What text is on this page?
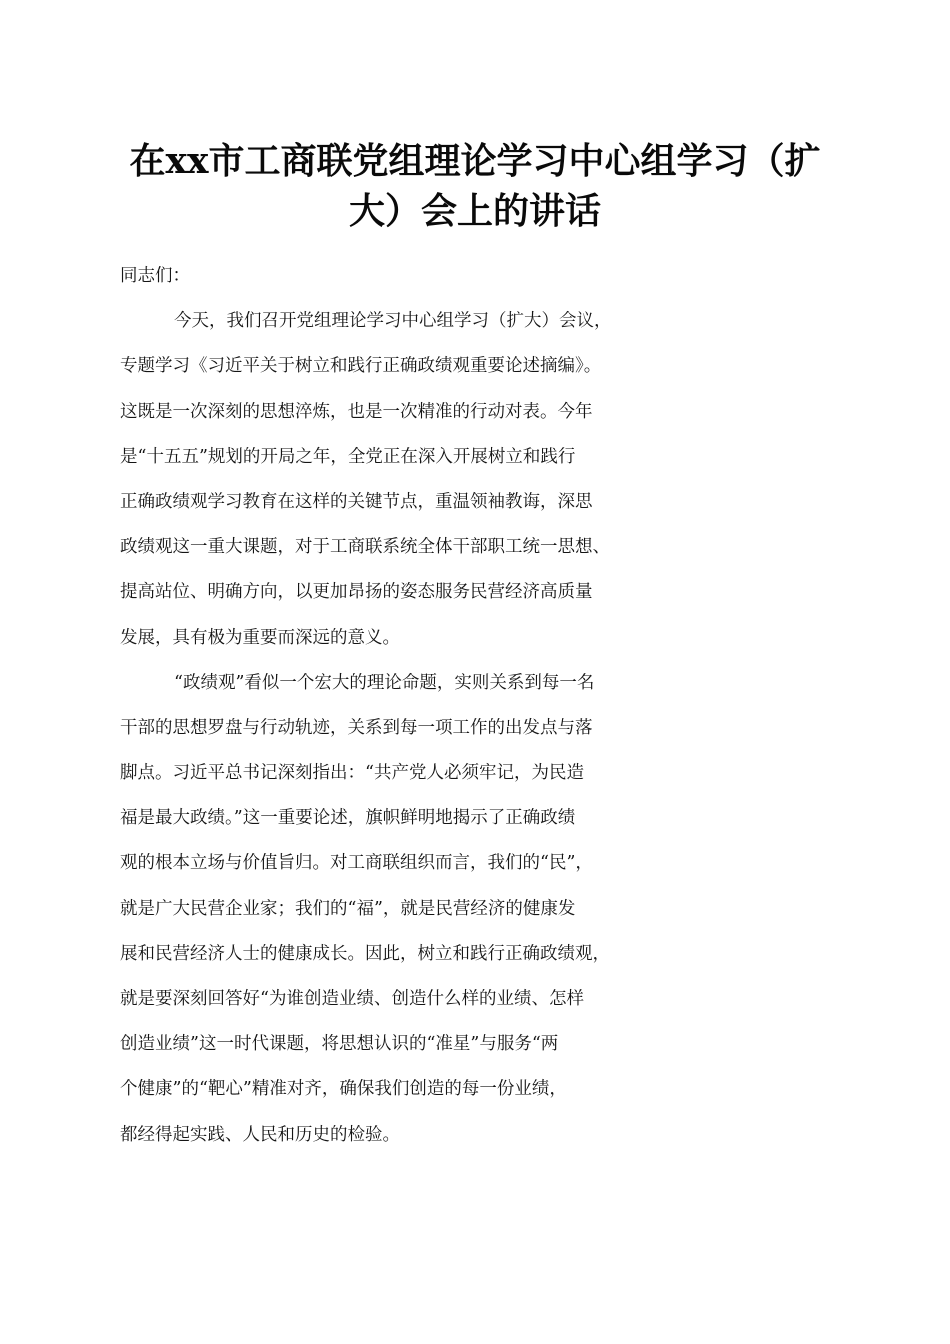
在xx市工商联党组理论学习中心组学习（扩
大）会上的讲话
同志们：
今天，我们召开党组理论学习中心组学习（扩大）会议，
专题学习《习近平关于树立和践行正确政绩观重要论述摘编》。
这既是一次深刻的思想淬炼，也是一次精准的行动对表。今年
是“十五五”规划的开局之年，全党正在深入开展树立和践行
正确政绩观学习教育在这样的关键节点，重温领袖教诲，深思
政绩观这一重大课题，对于工商联系统全体干部职工统一思想、
提高站位、明确方向，以更加昂扬的姿态服务民营经济高质量
发展，具有极为重要而深远的意义。
“政绩观”看似一个宏大的理论命题，实则关系到每一名
干部的思想罗盘与行动轨迹，关系到每一项工作的出发点与落
脚点。习近平总书记深刻指出：“共产党人必须牢记，为民造
福是最大政绩。”这一重要论述，旗帜鲜明地揭示了正确政绩
观的根本立场与价值旨归。对工商联组织而言，我们的“民”，
就是广大民营企业家；我们的“福”，就是民营经济的健康发
展和民营经济人士的健康成长。因此，树立和践行正确政绩观，
就是要深刻回答好“为谁创造业绩、创造什么样的业绩、怎样
创造业绩”这一时代课题，将思想认识的“准星”与服务“两
个健康”的“靶心”精准对齐，确保我们创造的每一份业绩，
都经得起实践、人民和历史的检验。
